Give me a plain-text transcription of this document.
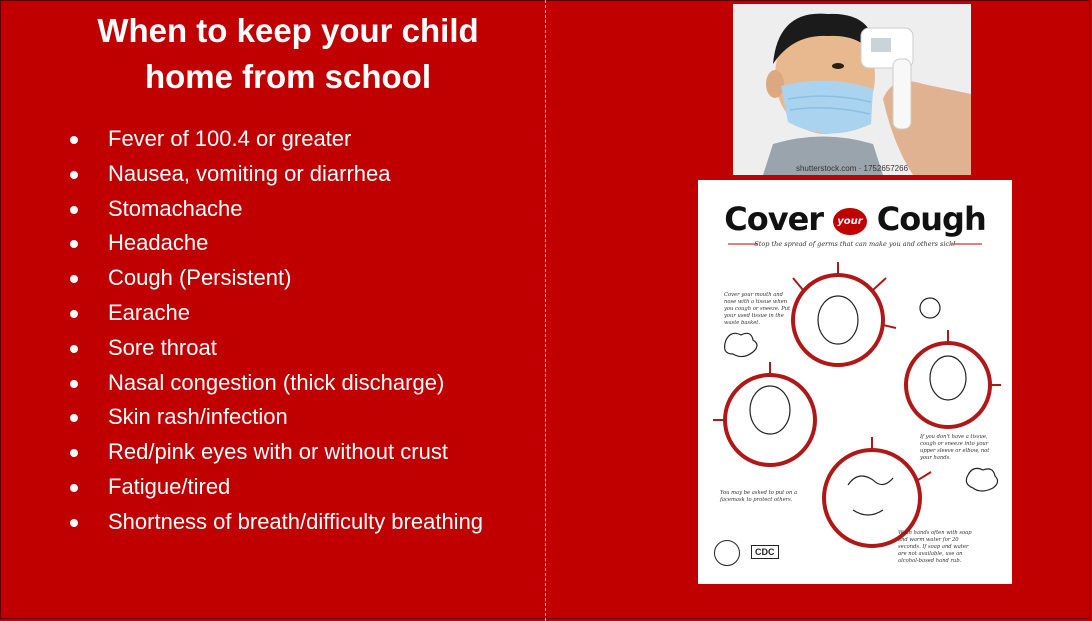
When to keep your child
home from school
Fever of 100.4 or greater
Nausea, vomiting or diarrhea
Stomachache
Headache
Cough (Persistent)
Earache
Sore throat
Nasal congestion (thick discharge)
Skin rash/infection
Red/pink eyes with or without crust
Fatigue/tired
Shortness of breath/difficulty breathing
shutterstock.com · 1752657266
Cover your Cough
Stop the spread of germs that can make you and others sick!
Cover your mouth and nose with a tissue when you cough or sneeze. Put your used tissue in the waste basket.
If you don't have a tissue, cough or sneeze into your upper sleeve or elbow, not your hands.
You may be asked to put on a facemask to protect others.
Wash hands often with soap and warm water for 20 seconds. If soap and water are not available, use an alcohol-based hand rub.
CDC
